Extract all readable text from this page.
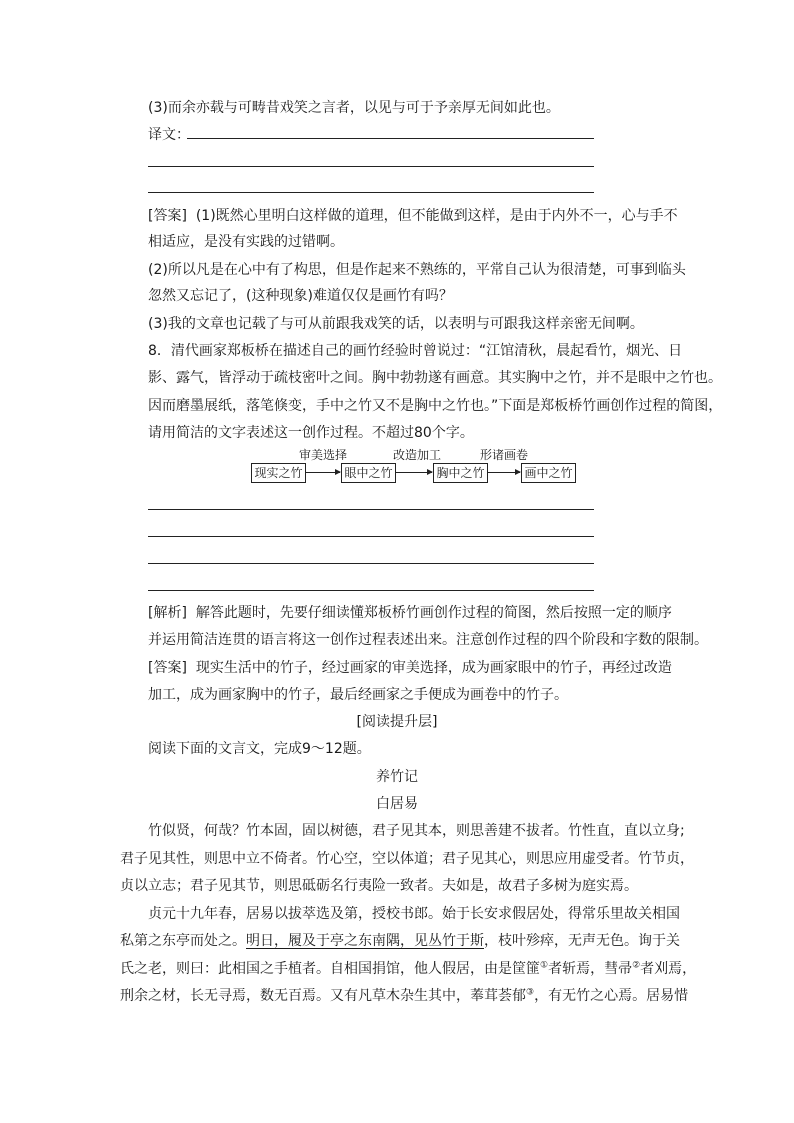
(3)而余亦载与可畴昔戏笑之言者，以见与可于予亲厚无间如此也。
译文：
[答案] (1)既然心里明白这样做的道理，但不能做到这样，是由于内外不一，心与手不
相适应，是没有实践的过错啊。
(2)所以凡是在心中有了构思，但是作起来不熟练的，平常自己认为很清楚，可事到临头
忽然又忘记了，(这种现象)难道仅仅是画竹有吗？
(3)我的文章也记载了与可从前跟我戏笑的话，以表明与可跟我这样亲密无间啊。
8．清代画家郑板桥在描述自己的画竹经验时曾说过：“江馆清秋，晨起看竹，烟光、日
影、露气，皆浮动于疏枝密叶之间。胸中勃勃遂有画意。其实胸中之竹，并不是眼中之竹也。
因而磨墨展纸，落笔倏变，手中之竹又不是胸中之竹也。”下面是郑板桥竹画创作过程的简图，
请用简洁的文字表述这一创作过程。不超过80个字。
审美选择	改造加工	形诸画卷
现实之竹	眼中之竹	胸中之竹	画中之竹
[解析] 解答此题时，先要仔细读懂郑板桥竹画创作过程的简图，然后按照一定的顺序
并运用简洁连贯的语言将这一创作过程表述出来。注意创作过程的四个阶段和字数的限制。
[答案] 现实生活中的竹子，经过画家的审美选择，成为画家眼中的竹子，再经过改造
加工，成为画家胸中的竹子，最后经画家之手便成为画卷中的竹子。
[阅读提升层]
阅读下面的文言文，完成9～12题。
养竹记
白居易
竹似贤，何哉？竹本固，固以树德，君子见其本，则思善建不拔者。竹性直，直以立身;
君子见其性，则思中立不倚者。竹心空，空以体道；君子见其心，则思应用虚受者。竹节贞，
贞以立志；君子见其节，则思砥砺名行夷险一致者。夫如是，故君子多树为庭实焉。
贞元十九年春，居易以拔萃选及第，授校书郎。始于长安求假居处，得常乐里故关相国
私第之东亭而处之。明日，履及于亭之东南隅，见丛竹于斯，枝叶殄瘁，无声无色。询于关
氏之老，则曰：此相国之手植者。自相国捐馆，他人假居，由是筐篚①者斩焉，彗帚②者刈焉，
刑余之材，长无寻焉，数无百焉。又有凡草木杂生其中，菶茸荟郁③，有无竹之心焉。居易惜
